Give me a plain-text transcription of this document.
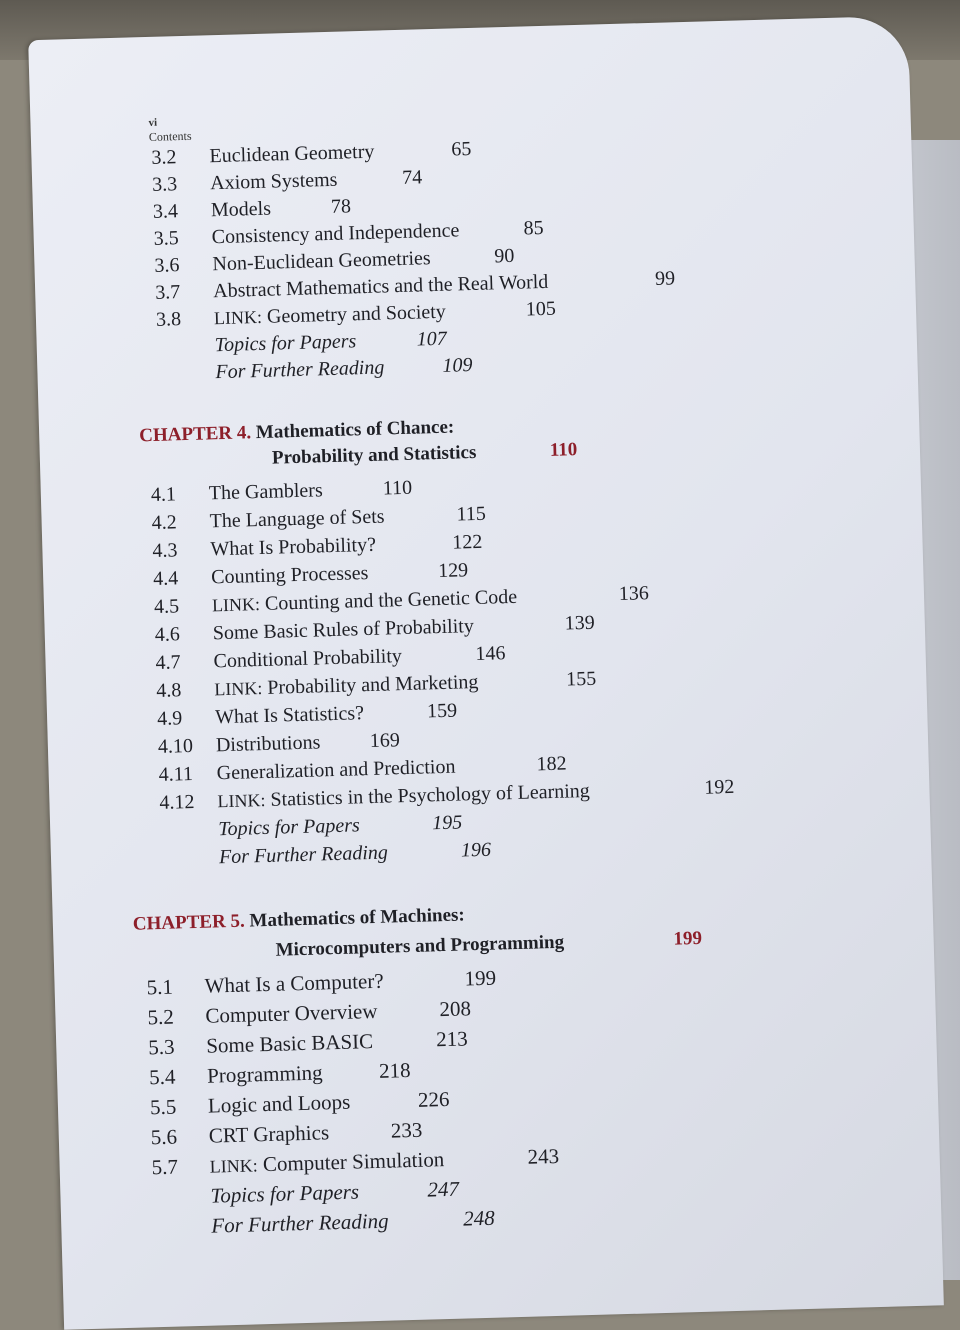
vi Contents
3.2	Euclidean Geometry	65
3.3	Axiom Systems	74
3.4	Models	78
3.5	Consistency and Independence	85
3.6	Non-Euclidean Geometries	90
3.7	Abstract Mathematics and the Real World	99
3.8	LINK: Geometry and Society	105
Topics for Papers	107
For Further Reading	109
CHAPTER 4. Mathematics of Chance:
Probability and Statistics	110
4.1	The Gamblers	110
4.2	The Language of Sets	115
4.3	What Is Probability?	122
4.4	Counting Processes	129
4.5	LINK: Counting and the Genetic Code	136
4.6	Some Basic Rules of Probability	139
4.7	Conditional Probability	146
4.8	LINK: Probability and Marketing	155
4.9	What Is Statistics?	159
4.10	Distributions 169
4.11	Generalization and Prediction	182
4.12	LINK: Statistics in the Psychology of Learning	192
Topics for Papers	195
For Further Reading	196
CHAPTER 5. Mathematics of Machines:
Microcomputers and Programming	199
5.1	What Is a Computer?	199
5.2	Computer Overview	208
5.3	Some Basic BASIC	213
5.4	Programming	218
5.5	Logic and Loops	226
5.6	CRT Graphics	233
5.7	LINK: Computer Simulation	243
Topics for Papers	247
For Further Reading	248
